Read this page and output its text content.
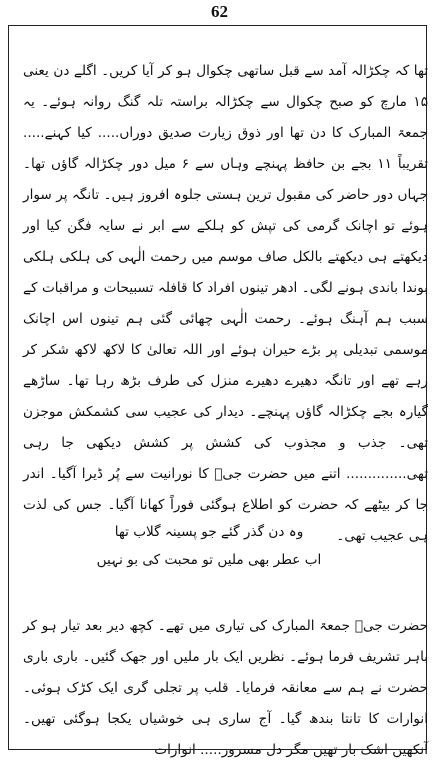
62
تھا کہ چکڑالہ آمد سے قبل ساتھی چکوال ہو کر آیا کریں۔ اگلے دن یعنی ۱۵ مارچ کو صبح چکوال سے چکڑالہ براستہ تلہ گنگ روانہ ہوئے۔ یہ جمعۃ المبارک کا دن تھا اور ذوق زیارت صدیق دوراں..... کیا کہنے..... تقریباً ۱۱ بجے بن حافظ پہنچے وہاں سے ۶ میل دور چکڑالہ گاؤں تھا۔ جہاں دور حاضر کی مقبول ترین ہستی جلوہ افروز ہیں۔ تانگہ پر سوار ہوئے تو اچانک گرمی کی تپش کو ہلکے سے ابر نے سایہ فگن کیا اور دیکھتے ہی دیکھتے بالکل صاف موسم میں رحمت الٰہی کی ہلکی ہلکی بوندا باندی ہونے لگی۔ ادھر تینوں افراد کا قافلہ تسبیحات و مراقبات کے سبب ہم آہنگ ہوئے۔ رحمت الٰہی چھائی گئی ہم تینوں اس اچانک موسمی تبدیلی پر بڑے حیران ہوئے اور اللہ تعالیٰ کا لاکھ لاکھ شکر کر رہے تھے اور تانگہ دھیرے دھیرے منزل کی طرف بڑھ رہا تھا۔ ساڑھے گیارہ بجے چکڑالہ گاؤں پہنچے۔ دیدار کی عجیب سی کشمکش موجزن تھی۔ جذب و مجذوب کی کشش پر کشش دیکھی جا رہی تھی.............. اتنے میں حضرت جیؒ کا نورانیت سے پُر ڈیرا آگیا۔ اندر جا کر بیٹھے کہ حضرت کو اطلاع ہوگئی فوراً کھانا آگیا۔ جس کی لذت ہی عجیب تھی۔
وہ دن گذر گئے جو پسینہ گلاب تھا
اب عطر بھی ملیں تو محبت کی بو نہیں
حضرت جیؒ جمعۃ المبارک کی تیاری میں تھے۔ کچھ دیر بعد تیار ہو کر باہر تشریف فرما ہوئے۔ نظریں ایک بار ملیں اور جھک گئیں۔ باری باری حضرت نے ہم سے معانقہ فرمایا۔ قلب پر تجلی گری ایک کڑک ہوئی۔ انوارات کا تانتا بندھ گیا۔ آج ساری ہی خوشیاں یکجا ہوگئی تھیں۔ آنکھیں اشک بار تھیں مگر دل مسرور..... انوارات
